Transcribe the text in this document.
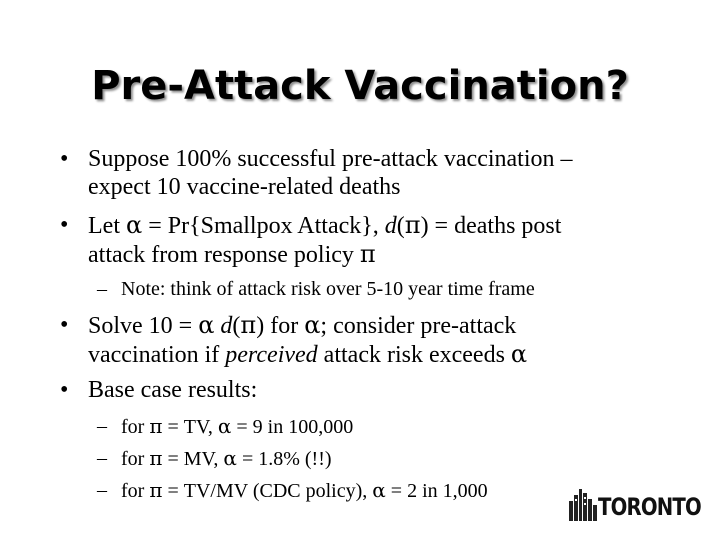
Pre-Attack Vaccination?
• Suppose 100% successful pre-attack vaccination –
expect 10 vaccine-related deaths
• Let α = Pr{Smallpox Attack}, d(π) = deaths post
attack from response policy π
– Note: think of attack risk over 5-10 year time frame
• Solve 10 = α d(π) for α; consider pre-attack
vaccination if perceived attack risk exceeds α
• Base case results:
– for π = TV, α = 9 in 100,000
– for π = MV, α = 1.8% (!!)
– for π = TV/MV (CDC policy), α = 2 in 1,000
TORONTO
